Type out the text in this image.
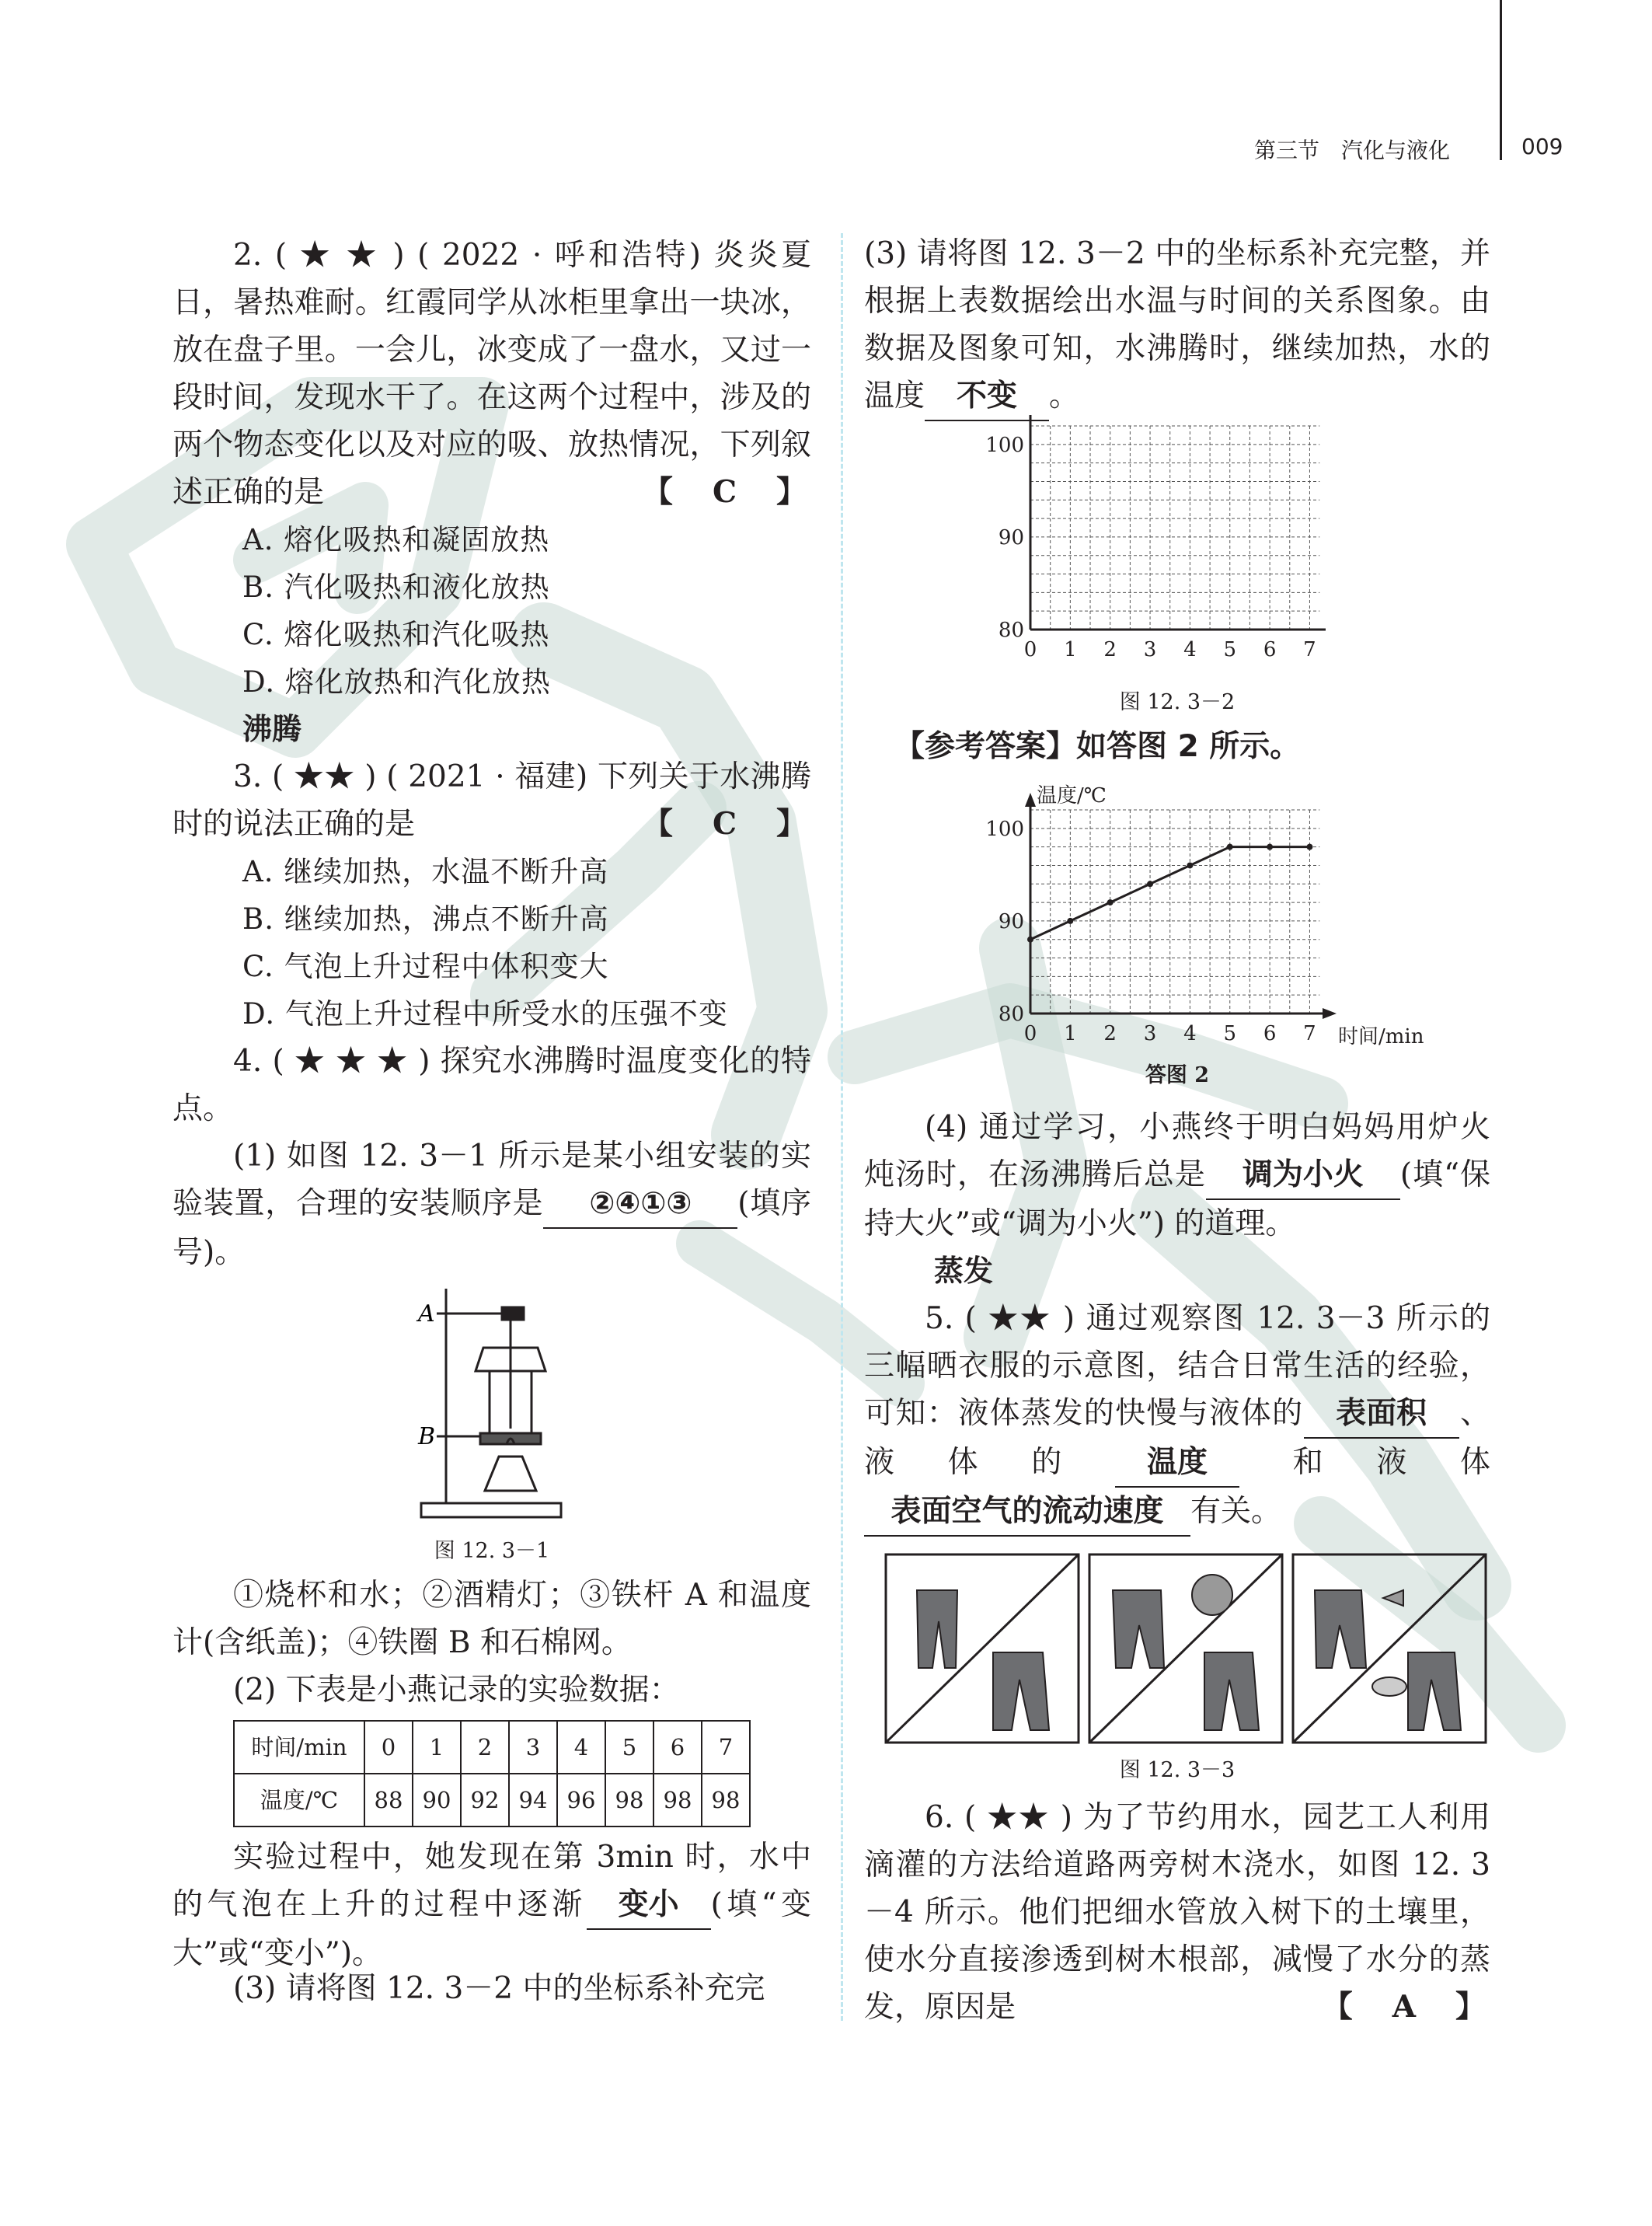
第三节　汽化与液化	009

2. ( ★ ★ ) ( 2022 · 呼和浩特) 炎炎夏日，暑热难耐。红霞同学从冰柜里拿出一块冰，放在盘子里。一会儿，冰变成了一盘水，又过一段时间，发现水干了。在这两个过程中，涉及的两个物态变化以及对应的吸、放热情况，下列叙述正确的是	【　C　】

A. 熔化吸热和凝固放热

B. 汽化吸热和液化放热

C. 熔化吸热和汽化吸热

D. 熔化放热和汽化放热

沸腾

3. ( ★★ ) ( 2021 · 福建) 下列关于水沸腾时的说法正确的是	【　C　】

A. 继续加热，水温不断升高

B. 继续加热，沸点不断升高

C. 气泡上升过程中体积变大

D. 气泡上升过程中所受水的压强不变

4. ( ★ ★ ★ ) 探究水沸腾时温度变化的特点。

(1) 如图 12. 3－1 所示是某小组安装的实验装置，合理的安装顺序是 ②④①③ (填序号)。

A
B

图 12. 3－1

①烧杯和水；②酒精灯；③铁杆 A 和温度计(含纸盖)；④铁圈 B 和石棉网。

(2) 下表是小燕记录的实验数据：

时间/min	0	1	2	3	4	5	6	7
温度/℃	88	90	92	94	96	98	98	98

实验过程中，她发现在第 3min 时，水中的气泡在上升的过程中逐渐 变小 (填“变大”或“变小”)。

(3) 请将图 12. 3－2 中的坐标系补充完整，并根据上表数据绘出水温与时间的关系图象。由数据及图象可知，水沸腾时，继续加热，水的温度 不变 。

0 1 2 3 4 5 6 7
80
90
100

图 12. 3－2

【参考答案】如答图 2 所示。

0 1 2 3 4 5 6 7
80
90
100
温度/℃
时间/min

答图 2

(4) 通过学习，小燕终于明白妈妈用炉火炖汤时，在汤沸腾后总是 调为小火 (填“保持大火”或“调为小火”) 的道理。

蒸发

5. ( ★★ ) 通过观察图 12. 3－3 所示的三幅晒衣服的示意图，结合日常生活的经验，可知：液体蒸发的快慢与液体的 表面积 、液体的 温度 和液体表面空气的流动速度 有关。

图 12. 3－3

6. ( ★★ ) 为了节约用水，园艺工人利用滴灌的方法给道路两旁树木浇水，如图 12. 3－4 所示。他们把细水管放入树下的土壤里，使水分直接渗透到树木根部，减慢了水分的蒸发，原因是	【　A　】

(3) 请将图 12. 3－2 中的坐标系补充完
